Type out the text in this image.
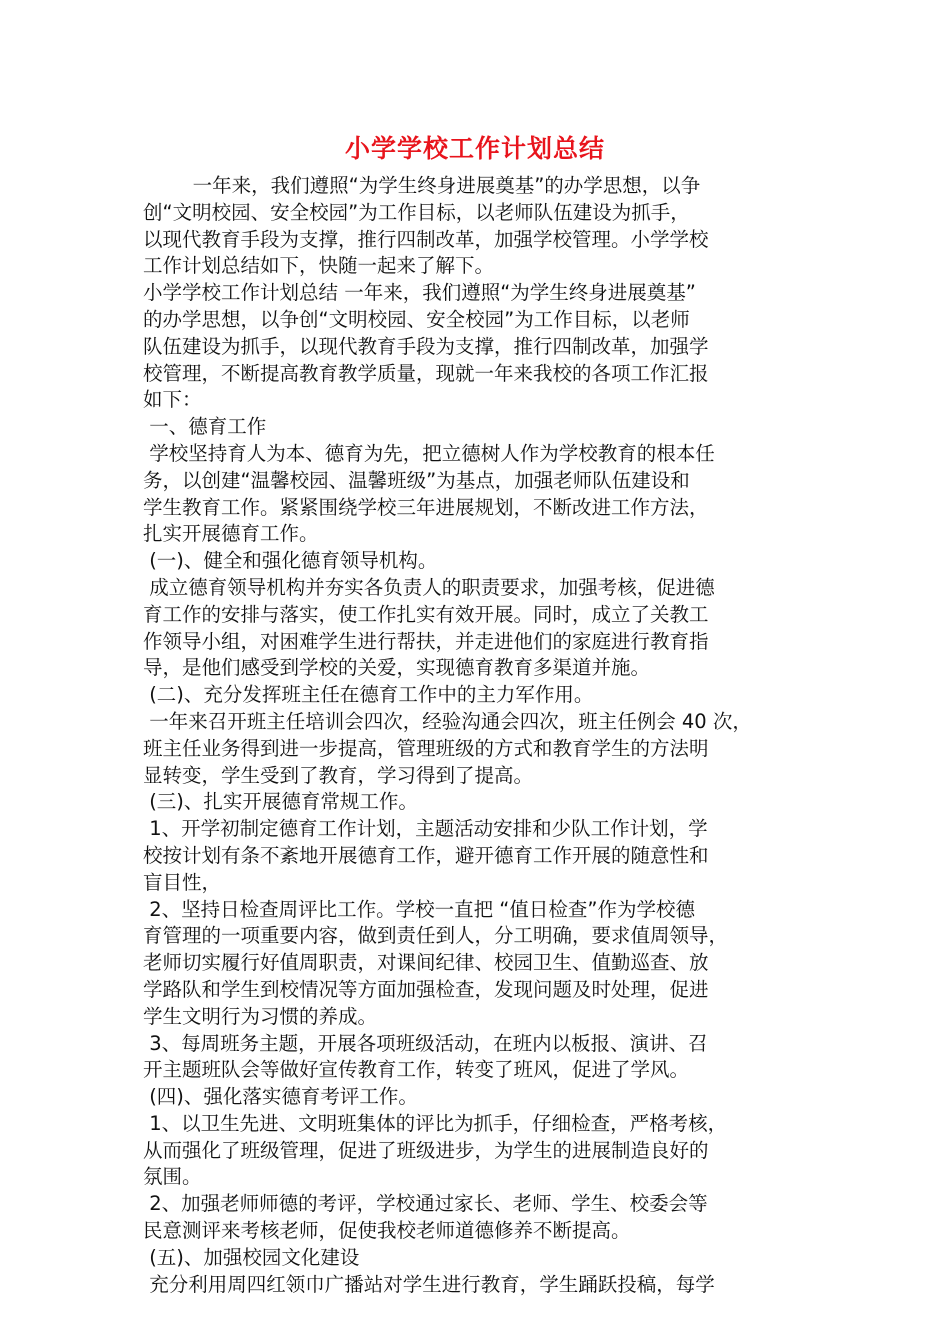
小学学校工作计划总结
一年来，我们遵照“为学生终身进展奠基”的办学思想，以争
创“文明校园、安全校园”为工作目标，以老师队伍建设为抓手，
以现代教育手段为支撑，推行四制改革，加强学校管理。小学学校
工作计划总结如下，快随一起来了解下。
小学学校工作计划总结 一年来，我们遵照“为学生终身进展奠基”
的办学思想，以争创“文明校园、安全校园”为工作目标，以老师
队伍建设为抓手，以现代教育手段为支撑，推行四制改革，加强学
校管理，不断提高教育教学质量，现就一年来我校的各项工作汇报
如下：
一、德育工作
学校坚持育人为本、德育为先，把立德树人作为学校教育的根本任
务，以创建“温馨校园、温馨班级”为基点，加强老师队伍建设和
学生教育工作。紧紧围绕学校三年进展规划，不断改进工作方法，
扎实开展德育工作。
(一)、健全和强化德育领导机构。
成立德育领导机构并夯实各负责人的职责要求，加强考核，促进德
育工作的安排与落实，使工作扎实有效开展。同时，成立了关教工
作领导小组，对困难学生进行帮扶，并走进他们的家庭进行教育指
导，是他们感受到学校的关爱，实现德育教育多渠道并施。
(二)、充分发挥班主任在德育工作中的主力军作用。
一年来召开班主任培训会四次，经验沟通会四次，班主任例会 40 次，
班主任业务得到进一步提高，管理班级的方式和教育学生的方法明
显转变，学生受到了教育，学习得到了提高。
(三)、扎实开展德育常规工作。
1、开学初制定德育工作计划，主题活动安排和少队工作计划，学
校按计划有条不紊地开展德育工作，避开德育工作开展的随意性和
盲目性，
2、坚持日检查周评比工作。学校一直把 “值日检查”作为学校德
育管理的一项重要内容，做到责任到人，分工明确，要求值周领导，
老师切实履行好值周职责，对课间纪律、校园卫生、值勤巡查、放
学路队和学生到校情况等方面加强检查，发现问题及时处理，促进
学生文明行为习惯的养成。
3、每周班务主题，开展各项班级活动，在班内以板报、演讲、召
开主题班队会等做好宣传教育工作，转变了班风，促进了学风。
(四)、强化落实德育考评工作。
1、以卫生先进、文明班集体的评比为抓手，仔细检查，严格考核，
从而强化了班级管理，促进了班级进步，为学生的进展制造良好的
氛围。
2、加强老师师德的考评，学校通过家长、老师、学生、校委会等
民意测评来考核老师，促使我校老师道德修养不断提高。
(五)、加强校园文化建设
充分利用周四红领巾广播站对学生进行教育，学生踊跃投稿，每学
